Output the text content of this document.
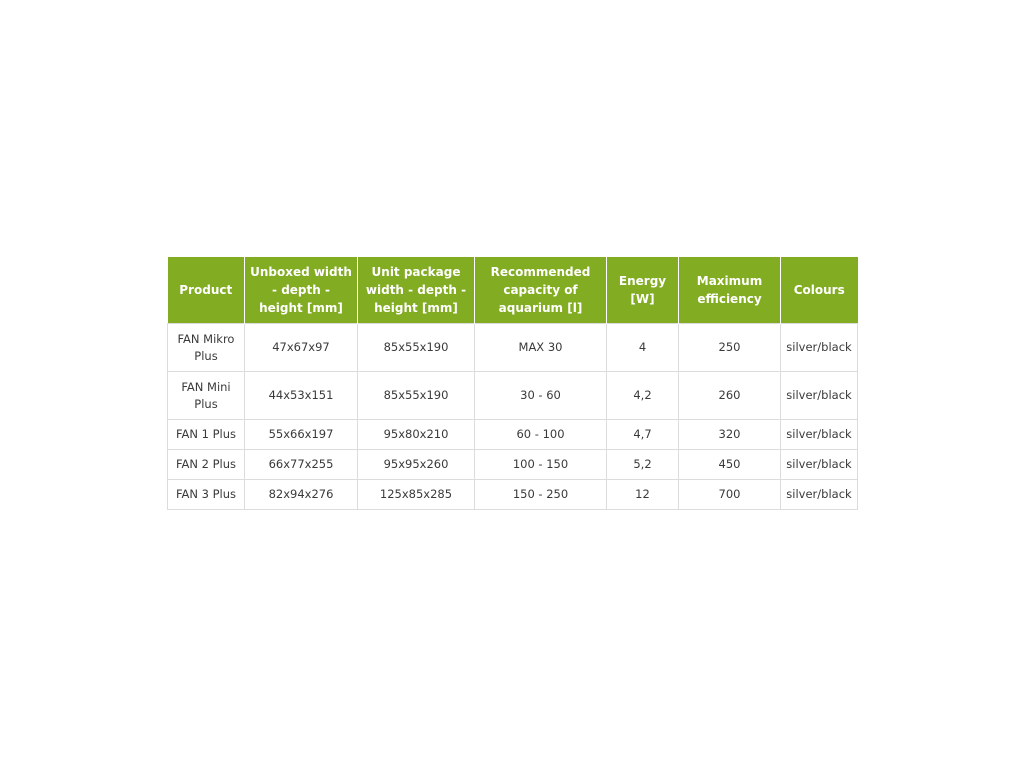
Product	Unboxed width - depth - height [mm]	Unit package width - depth - height [mm]	Recommended capacity of aquarium [l]	Energy [W]	Maximum efficiency	Colours
FAN Mikro Plus	47x67x97	85x55x190	MAX 30	4	250	silver/black
FAN Mini Plus	44x53x151	85x55x190	30 - 60	4,2	260	silver/black
FAN 1 Plus	55x66x197	95x80x210	60 - 100	4,7	320	silver/black
FAN 2 Plus	66x77x255	95x95x260	100 - 150	5,2	450	silver/black
FAN 3 Plus	82x94x276	125x85x285	150 - 250	12	700	silver/black
